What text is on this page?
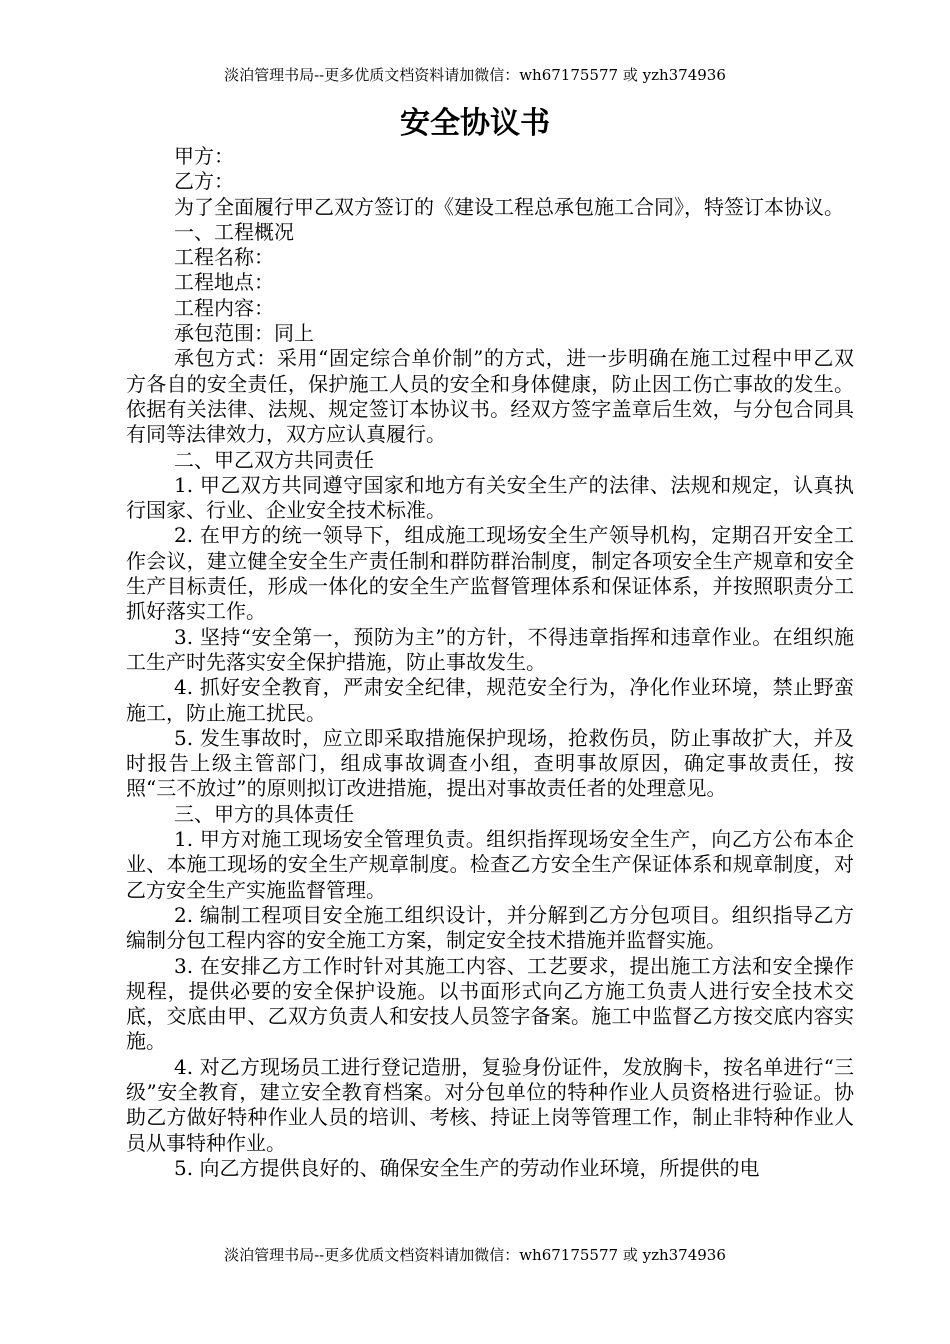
淡泊管理书局--更多优质文档资料请加微信：wh67175577 或 yzh374936
安全协议书

甲方：

乙方：

为了全面履行甲乙双方签订的《建设工程总承包施工合同》，特签订本协议。

一、工程概况

工程名称：

工程地点：

工程内容：

承包范围：同上

承包方式：采用“固定综合单价制”的方式，进一步明确在施工过程中甲乙双方各自的安全责任，保护施工人员的安全和身体健康，防止因工伤亡事故的发生。依据有关法律、法规、规定签订本协议书。经双方签字盖章后生效，与分包合同具有同等法律效力，双方应认真履行。

二、甲乙双方共同责任

1. 甲乙双方共同遵守国家和地方有关安全生产的法律、法规和规定，认真执行国家、行业、企业安全技术标准。

2. 在甲方的统一领导下，组成施工现场安全生产领导机构，定期召开安全工作会议，建立健全安全生产责任制和群防群治制度，制定各项安全生产规章和安全生产目标责任，形成一体化的安全生产监督管理体系和保证体系，并按照职责分工抓好落实工作。

3. 坚持“安全第一，预防为主”的方针，不得违章指挥和违章作业。在组织施工生产时先落实安全保护措施，防止事故发生。

4. 抓好安全教育，严肃安全纪律，规范安全行为，净化作业环境，禁止野蛮施工，防止施工扰民。

5. 发生事故时，应立即采取措施保护现场，抢救伤员，防止事故扩大，并及时报告上级主管部门，组成事故调查小组，查明事故原因，确定事故责任，按照“三不放过”的原则拟订改进措施，提出对事故责任者的处理意见。

三、甲方的具体责任

1. 甲方对施工现场安全管理负责。组织指挥现场安全生产，向乙方公布本企业、本施工现场的安全生产规章制度。检查乙方安全生产保证体系和规章制度，对乙方安全生产实施监督管理。

2. 编制工程项目安全施工组织设计，并分解到乙方分包项目。组织指导乙方编制分包工程内容的安全施工方案，制定安全技术措施并监督实施。

3. 在安排乙方工作时针对其施工内容、工艺要求，提出施工方法和安全操作规程，提供必要的安全保护设施。以书面形式向乙方施工负责人进行安全技术交底，交底由甲、乙双方负责人和安技人员签字备案。施工中监督乙方按交底内容实施。

4. 对乙方现场员工进行登记造册，复验身份证件，发放胸卡，按名单进行“三级”安全教育，建立安全教育档案。对分包单位的特种作业人员资格进行验证。协助乙方做好特种作业人员的培训、考核、持证上岗等管理工作，制止非特种作业人员从事特种作业。

5. 向乙方提供良好的、确保安全生产的劳动作业环境，所提供的电

淡泊管理书局--更多优质文档资料请加微信：wh67175577 或 yzh374936
